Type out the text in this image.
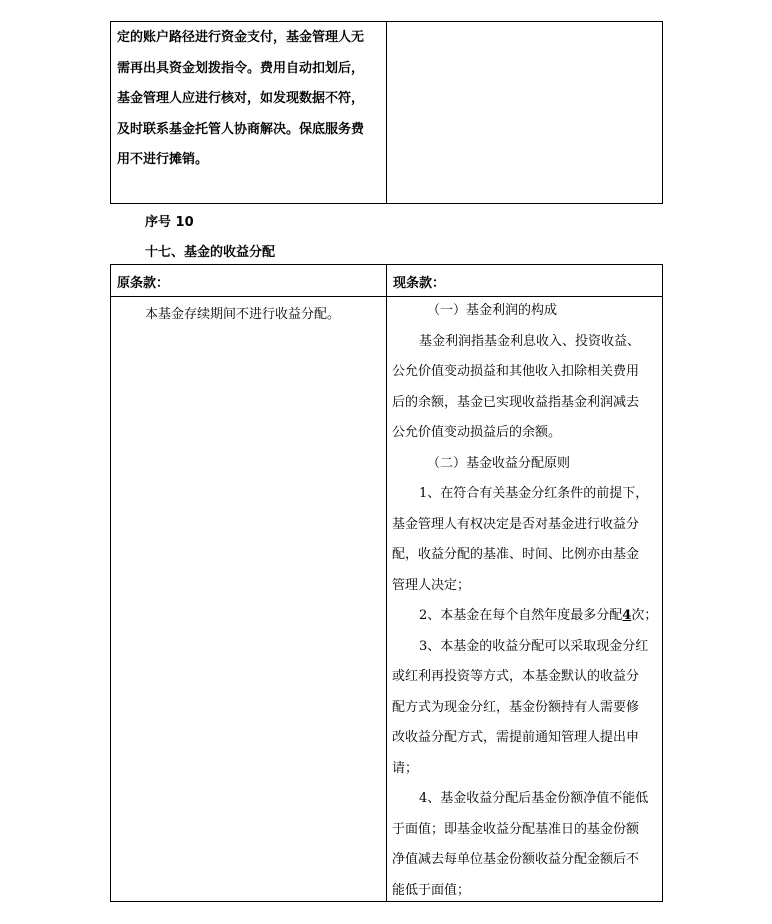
定的账户路径进行资金支付，基金管理人无
需再出具资金划拨指令。费用自动扣划后，
基金管理人应进行核对，如发现数据不符，
及时联系基金托管人协商解决。保底服务费
用不进行摊销。
序号 10
十七、基金的收益分配
原条款：	现条款：
本基金存续期间不进行收益分配。	（一）基金利润的构成
基金利润指基金利息收入、投资收益、
公允价值变动损益和其他收入扣除相关费用
后的余额，基金已实现收益指基金利润减去
公允价值变动损益后的余额。
（二）基金收益分配原则
1、在符合有关基金分红条件的前提下，
基金管理人有权决定是否对基金进行收益分
配，收益分配的基准、时间、比例亦由基金
管理人决定；
2、本基金在每个自然年度最多分配4次；
3、本基金的收益分配可以采取现金分红
或红利再投资等方式，本基金默认的收益分
配方式为现金分红，基金份额持有人需要修
改收益分配方式，需提前通知管理人提出申
请；
4、基金收益分配后基金份额净值不能低
于面值；即基金收益分配基准日的基金份额
净值减去每单位基金份额收益分配金额后不
能低于面值；
